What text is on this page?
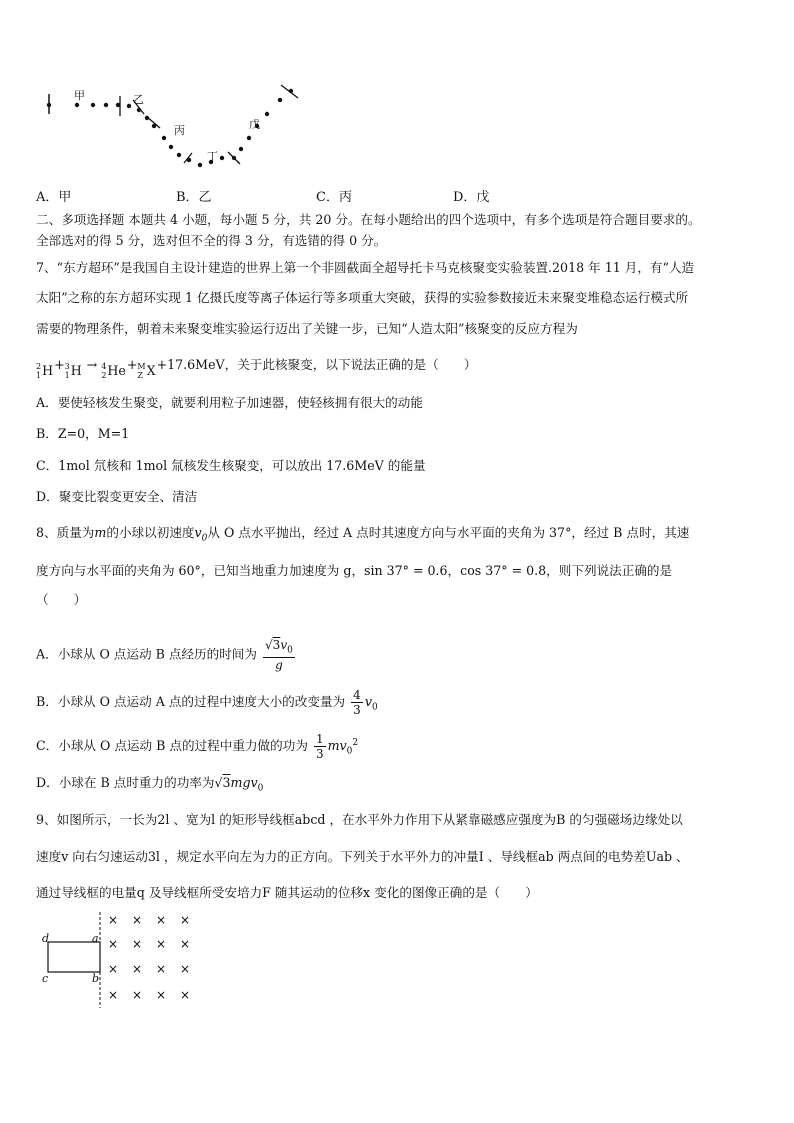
甲	乙
丙
丁
戊
A．甲	B．乙	C．丙	D．戊
二、多项选择题 本题共 4 小题，每小题 5 分，共 20 分。在每小题给出的四个选项中，有多个选项是符合题目要求的。
全部选对的得 5 分，选对但不全的得 3 分，有选错的得 0 分。
7、“东方超环”是我国自主设计建造的世界上第一个非圆截面全超导托卡马克核聚变实验装置.2018 年 11 月，有“人造
太阳”之称的东方超环实现 1 亿摄氏度等离子体运行等多项重大突破，获得的实验参数接近未来聚变堆稳态运行模式所
需要的物理条件，朝着未来聚变堆实验运行迈出了关键一步，已知“人造太阳”核聚变的反应方程为
2
1 H+ 3
1 H → 4
2 He+ M
Z X+17.6MeV，关于此核聚变，以下说法正确的是（　　）
A．要使轻核发生聚变，就要利用粒子加速器，使轻核拥有很大的动能
B．Z=0，M=1
C．1mol 氘核和 1mol 氚核发生核聚变，可以放出 17.6MeV 的能量
D．聚变比裂变更安全、清洁
8、质量为m的小球以初速度$v_0$从 O 点水平抛出，经过 A 点时其速度方向与水平面的夹角为 37°，经过 B 点时，其速
度方向与水平面的夹角为 60°，已知当地重力加速度为 g，sin 37° = 0.6，cos 37° = 0.8，则下列说法正确的是
（　　）
A．小球从 O 点运动 B 点经历的时间为 $\frac{√3v_0}{g}$
B．小球从 O 点运动 A 点的过程中速度大小的改变量为 $\frac{4}{3} v_0$
C．小球从 O 点运动 B 点的过程中重力做的功为 $\frac{1}{3} mv_0^2$
D．小球在 B 点时重力的功率为√3mgv$_0$
9、如图所示，一长为2l 、宽为l 的矩形导线框abcd ，在水平外力作用下从紧靠磁感应强度为B 的匀强磁场边缘处以
速度v 向右匀速运动3l ，规定水平向左为力的正方向。下列关于水平外力的冲量I 、导线框ab 两点间的电势差Uab 、
通过导线框的电量q 及导线框所受安培力F 随其运动的位移x 变化的图像正确的是（　　）
× × × ×
× × × ×
× × × ×
× × × ×
d	a
c	b
